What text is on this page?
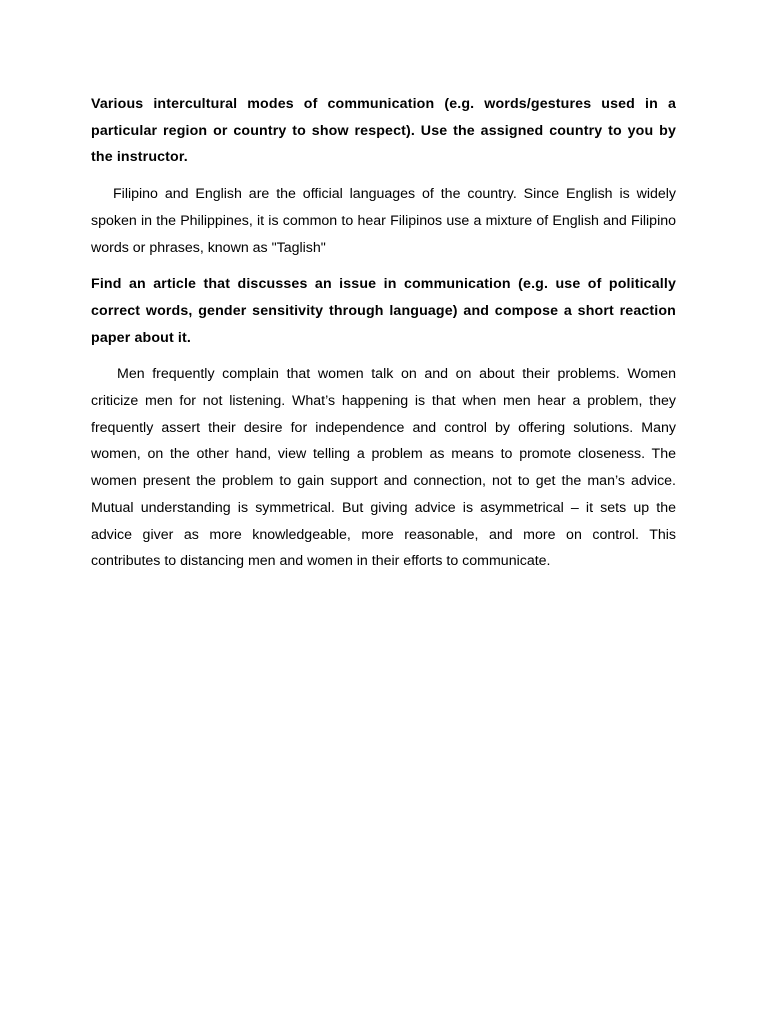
Various intercultural modes of communication (e.g. words/gestures used in a particular region or country to show respect). Use the assigned country to you by the instructor.

Filipino and English are the official languages of the country. Since English is widely spoken in the Philippines, it is common to hear Filipinos use a mixture of English and Filipino words or phrases, known as "Taglish"

Find an article that discusses an issue in communication (e.g. use of politically correct words, gender sensitivity through language) and compose a short reaction paper about it.

Men frequently complain that women talk on and on about their problems. Women criticize men for not listening. What’s happening is that when men hear a problem, they frequently assert their desire for independence and control by offering solutions. Many women, on the other hand, view telling a problem as means to promote closeness. The women present the problem to gain support and connection, not to get the man’s advice. Mutual understanding is symmetrical. But giving advice is asymmetrical – it sets up the advice giver as more knowledgeable, more reasonable, and more on control. This contributes to distancing men and women in their efforts to communicate.
